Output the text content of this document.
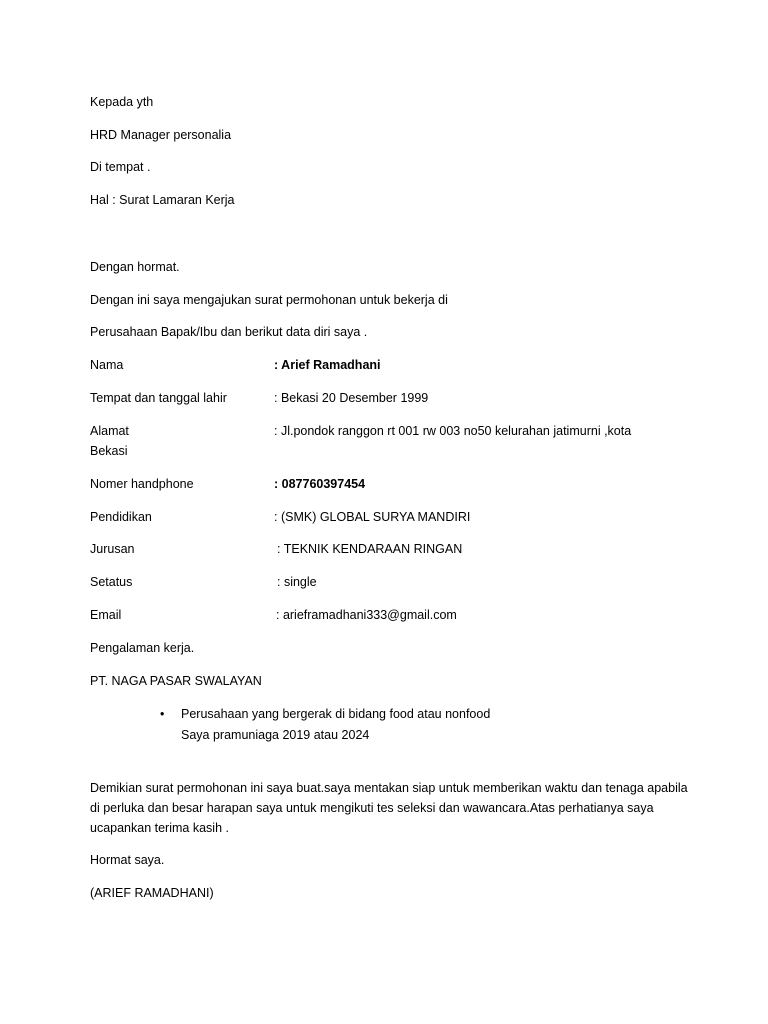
Kepada yth
HRD Manager personalia
Di tempat .
Hal : Surat Lamaran Kerja
Dengan hormat.
Dengan ini saya mengajukan surat permohonan untuk bekerja di
Perusahaan Bapak/Ibu dan berikut data diri saya .
Nama	: Arief Ramadhani
Tempat dan tanggal lahir	: Bekasi 20 Desember 1999
Alamat	: Jl.pondok ranggon rt 001 rw 003 no50 kelurahan jatimurni ,kota
Bekasi
Nomer handphone	: 087760397454
Pendidikan	: (SMK) GLOBAL SURYA MANDIRI
Jurusan	: TEKNIK KENDARAAN RINGAN
Setatus	: single
Email	: arieframadhani333@gmail.com
Pengalaman kerja.
PT. NAGA PASAR SWALAYAN
• Perusahaan yang bergerak di bidang food atau nonfood
Saya pramuniaga 2019 atau 2024
Demikian surat permohonan ini saya buat.saya mentakan siap untuk memberikan waktu dan tenaga apabila di perluka dan besar harapan saya untuk mengikuti tes seleksi dan wawancara.Atas perhatianya saya ucapankan terima kasih .
Hormat saya.
(ARIEF RAMADHANI)
